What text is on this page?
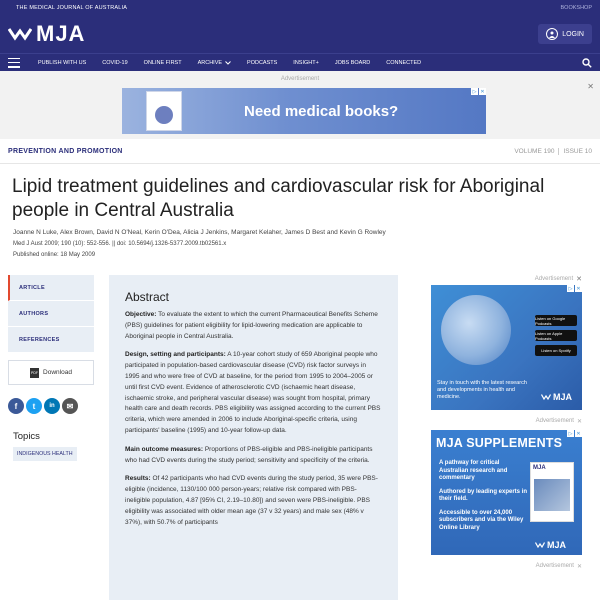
THE MEDICAL JOURNAL OF AUSTRALIA	BOOKSHOP
MJA	LOGIN
PUBLISH WITH US	COVID-19	ONLINE FIRST	ARCHIVE	PODCASTS	INSIGHT+	JOBS BOARD	CONNECTED
Advertisement
✕
Need medical books?
▷ ✕
PREVENTION AND PROMOTION	VOLUME 190 ISSUE 10
Lipid treatment guidelines and cardiovascular risk for Aboriginal people in Central Australia
Joanne N Luke, Alex Brown, David N O'Neal, Kerin O'Dea, Alicia J Jenkins, Margaret Kelaher, James D Best and Kevin G Rowley
Med J Aust 2009; 190 (10): 552-556. || doi: 10.5694/j.1326-5377.2009.tb02561.x
Published online: 18 May 2009
ARTICLE
AUTHORS
REFERENCES
PDF Download
f	t	in	✉
Topics
INDIGENOUS HEALTH
Abstract

Objective: To evaluate the extent to which the current Pharmaceutical Benefits Scheme (PBS) guidelines for patient eligibility for lipid-lowering medication are applicable to Aboriginal people in Central Australia.

Design, setting and participants: A 10-year cohort study of 659 Aboriginal people who participated in population-based cardiovascular disease (CVD) risk factor surveys in 1995 and who were free of CVD at baseline, for the period from 1995 to 2004–2005 or until first CVD event. Evidence of atherosclerotic CVD (ischaemic heart disease, ischaemic stroke, and peripheral vascular disease) was sought from hospital, primary health care and death records. PBS eligibility was assigned according to the current PBS criteria, which were amended in 2006 to include Aboriginal-specific criteria, using participants' baseline (1995) and 10-year follow-up data.

Main outcome measures: Proportions of PBS-eligible and PBS-ineligible participants who had CVD events during the study period; sensitivity and specificity of the criteria.

Results: Of 42 participants who had CVD events during the study period, 35 were PBS-eligible (incidence, 1130/100 000 person-years; relative risk compared with PBS-ineligible population, 4.87 [95% CI, 2.19–10.80]) and seven were PBS-ineligible. PBS eligibility was associated with older mean age (37 v 32 years) and male sex (48% v 37%), with 50.7% of participants

Advertisement ✕
Listen on Google Podcasts
Listen on Apple Podcasts
Listen on Spotify
Stay in touch with the latest research and developments in health and medicine.	MJA
▷ ✕
Advertisement ✕
MJA SUPPLEMENTS
A pathway for critical Australian research and commentary
Authored by leading experts in their field.
Accessible to over 24,000 subscribers and via the Wiley Online Library
MJA
MJA
▷ ✕
Advertisement ✕
